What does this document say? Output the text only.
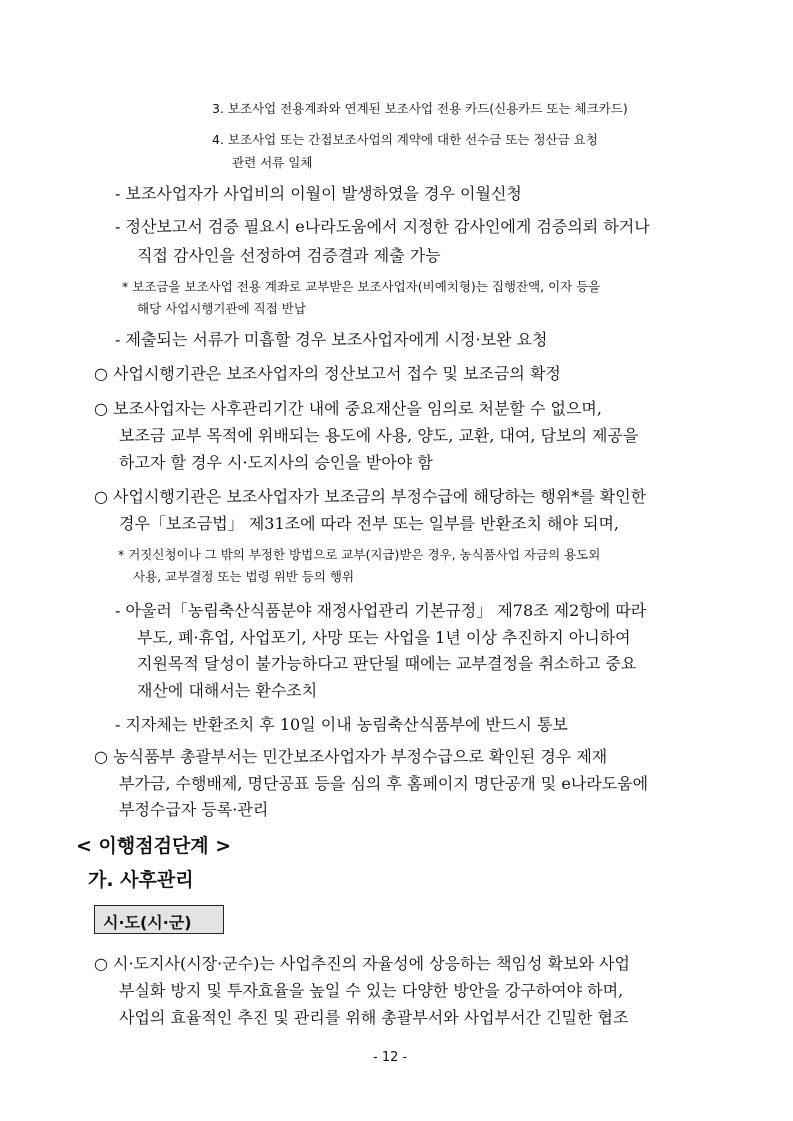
3. 보조사업 전용계좌와 연계된 보조사업 전용 카드(신용카드 또는 체크카드)
4. 보조사업 또는 간접보조사업의 계약에 대한 선수금 또는 정산금 요청
관련 서류 일체
- 보조사업자가 사업비의 이월이 발생하였을 경우 이월신청
- 정산보고서 검증 필요시 e나라도움에서 지정한 감사인에게 검증의뢰 하거나
직접 감사인을 선정하여 검증결과 제출 가능
* 보조금을 보조사업 전용 계좌로 교부받은 보조사업자(비예치형)는 집행잔액, 이자 등을
해당 사업시행기관에 직접 반납
- 제출되는 서류가 미흡할 경우 보조사업자에게 시정·보완 요청
○ 사업시행기관은 보조사업자의 정산보고서 접수 및 보조금의 확정
○ 보조사업자는 사후관리기간 내에 중요재산을 임의로 처분할 수 없으며,
보조금 교부 목적에 위배되는 용도에 사용, 양도, 교환, 대여, 담보의 제공을
하고자 할 경우 시·도지사의 승인을 받아야 함
○ 사업시행기관은 보조사업자가 보조금의 부정수급에 해당하는 행위*를 확인한
경우「보조금법」 제31조에 따라 전부 또는 일부를 반환조치 해야 되며,
* 거짓신청이나 그 밖의 부정한 방법으로 교부(지급)받은 경우, 농식품사업 자금의 용도외
사용, 교부결정 또는 법령 위반 등의 행위
- 아울러「농림축산식품분야 재정사업관리 기본규정」 제78조 제2항에 따라
부도, 폐·휴업, 사업포기, 사망 또는 사업을 1년 이상 추진하지 아니하여
지원목적 달성이 불가능하다고 판단될 때에는 교부결정을 취소하고 중요
재산에 대해서는 환수조치
- 지자체는 반환조치 후 10일 이내 농림축산식품부에 반드시 통보
○ 농식품부 총괄부서는 민간보조사업자가 부정수급으로 확인된 경우 제재
부가금, 수행배제, 명단공표 등을 심의 후 홈페이지 명단공개 및 e나라도움에
부정수급자 등록·관리
< 이행점검단계 >
가. 사후관리
시·도(시·군)
○ 시·도지사(시장·군수)는 사업추진의 자율성에 상응하는 책임성 확보와 사업
부실화 방지 및 투자효율을 높일 수 있는 다양한 방안을 강구하여야 하며,
사업의 효율적인 추진 및 관리를 위해 총괄부서와 사업부서간 긴밀한 협조
- 12 -
